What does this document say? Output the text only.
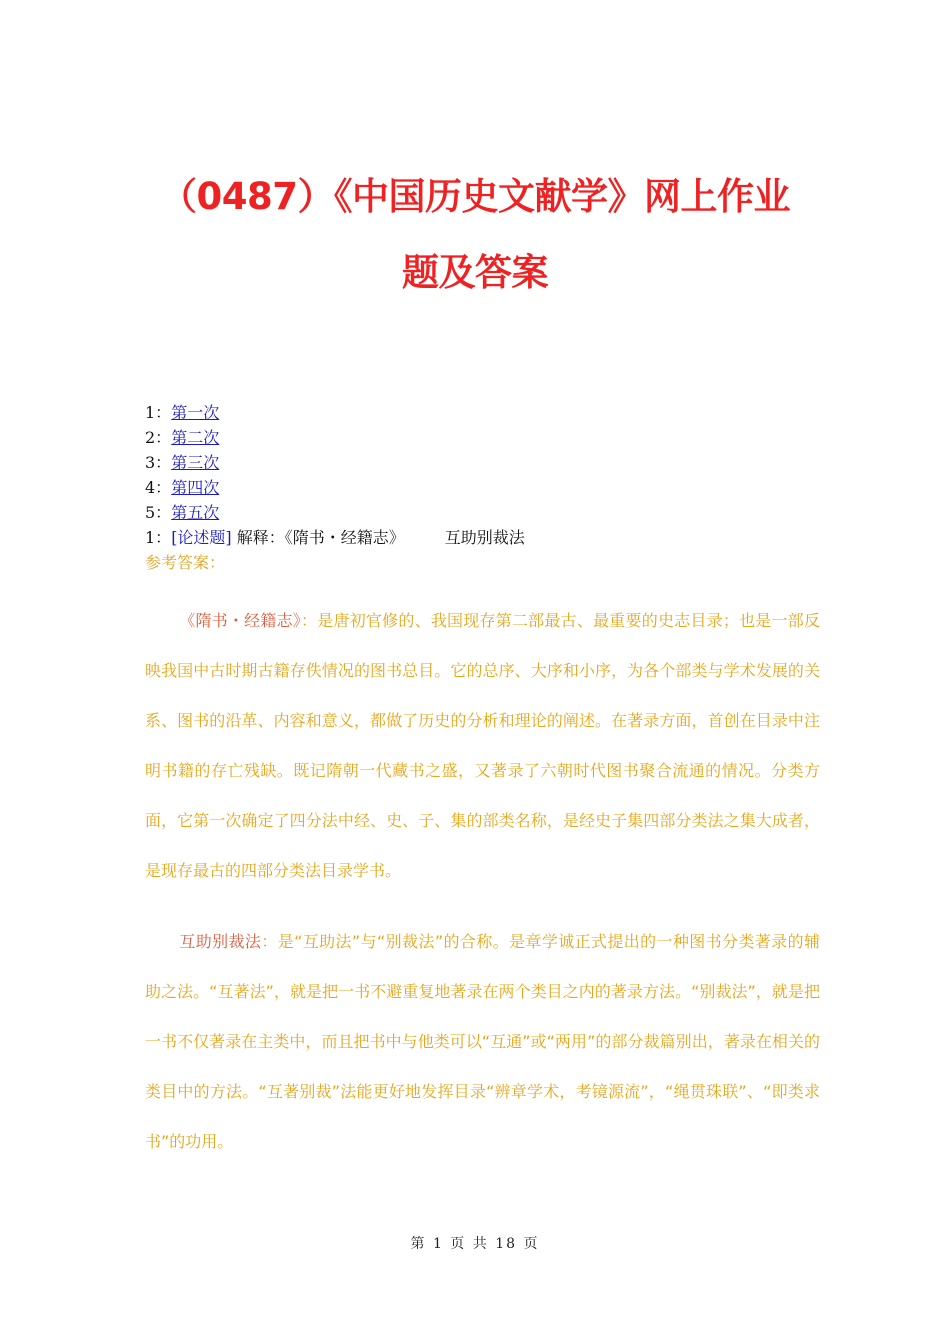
（0487）《中国历史文献学》网上作业
题及答案
1：第一次
2：第二次
3：第三次
4：第四次
5：第五次
1：[论述题] 解释：《隋书・经籍志》	互助别裁法
参考答案：
《隋书・经籍志》：是唐初官修的、我国现存第二部最古、最重要的史志目录；也是一部反映我国中古时期古籍存佚情况的图书总目。它的总序、大序和小序，为各个部类与学术发展的关系、图书的沿革、内容和意义，都做了历史的分析和理论的阐述。在著录方面，首创在目录中注明书籍的存亡残缺。既记隋朝一代藏书之盛，又著录了六朝时代图书聚合流通的情况。分类方面，它第一次确定了四分法中经、史、子、集的部类名称，是经史子集四部分类法之集大成者，是现存最古的四部分类法目录学书。
互助别裁法：是“互助法”与“别裁法”的合称。是章学诚正式提出的一种图书分类著录的辅助之法。“互著法”，就是把一书不避重复地著录在两个类目之内的著录方法。“别裁法”，就是把一书不仅著录在主类中，而且把书中与他类可以“互通”或“两用”的部分裁篇别出，著录在相关的类目中的方法。“互著别裁”法能更好地发挥目录“辨章学术，考镜源流”，“绳贯珠联”、“即类求书”的功用。
第 1 页 共 18 页
